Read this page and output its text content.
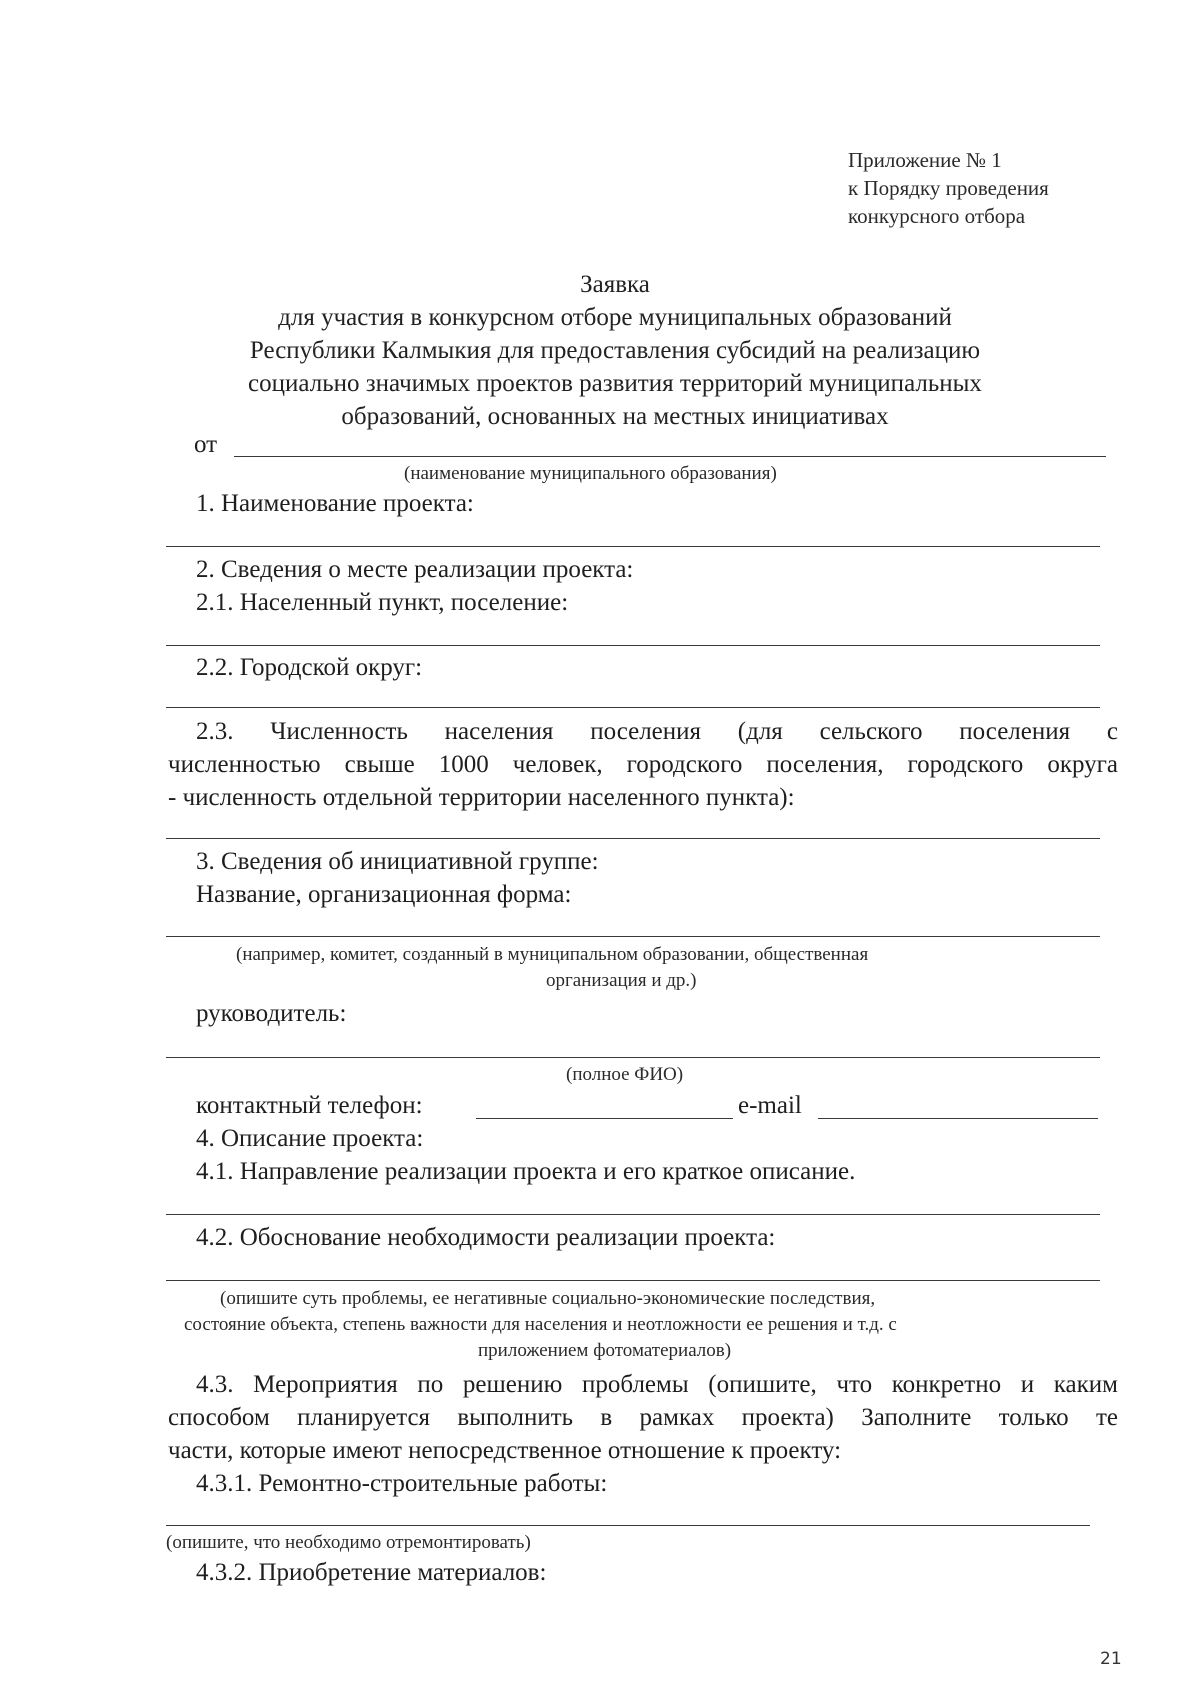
Приложение № 1
к Порядку проведения
конкурсного отбора
Заявка
для участия в конкурсном отборе муниципальных образований
Республики Калмыкия для предоставления субсидий на реализацию
социально значимых проектов развития территорий муниципальных
образований, основанных на местных инициативах
от
(наименование муниципального образования)
1. Наименование проекта:
2. Сведения о месте реализации проекта:
2.1. Населенный пункт, поселение:
2.2. Городской округ:
2.3. Численность населения поселения (для сельского поселения с
численностью свыше 1000 человек, городского поселения, городского округа
- численность отдельной территории населенного пункта):
3. Сведения об инициативной группе:
Название, организационная форма:
(например, комитет, созданный в муниципальном образовании, общественная
организация и др.)
руководитель:
(полное ФИО)
контактный телефон:	e-mail
4. Описание проекта:
4.1. Направление реализации проекта и его краткое описание.
4.2. Обоснование необходимости реализации проекта:
(опишите суть проблемы, ее негативные социально-экономические последствия,
состояние объекта, степень важности для населения и неотложности ее решения и т.д. с
приложением фотоматериалов)
4.3. Мероприятия по решению проблемы (опишите, что конкретно и каким
способом планируется выполнить в рамках проекта) Заполните только те
части, которые имеют непосредственное отношение к проекту:
4.3.1. Ремонтно-строительные работы:
(опишите, что необходимо отремонтировать)
4.3.2. Приобретение материалов:
21
